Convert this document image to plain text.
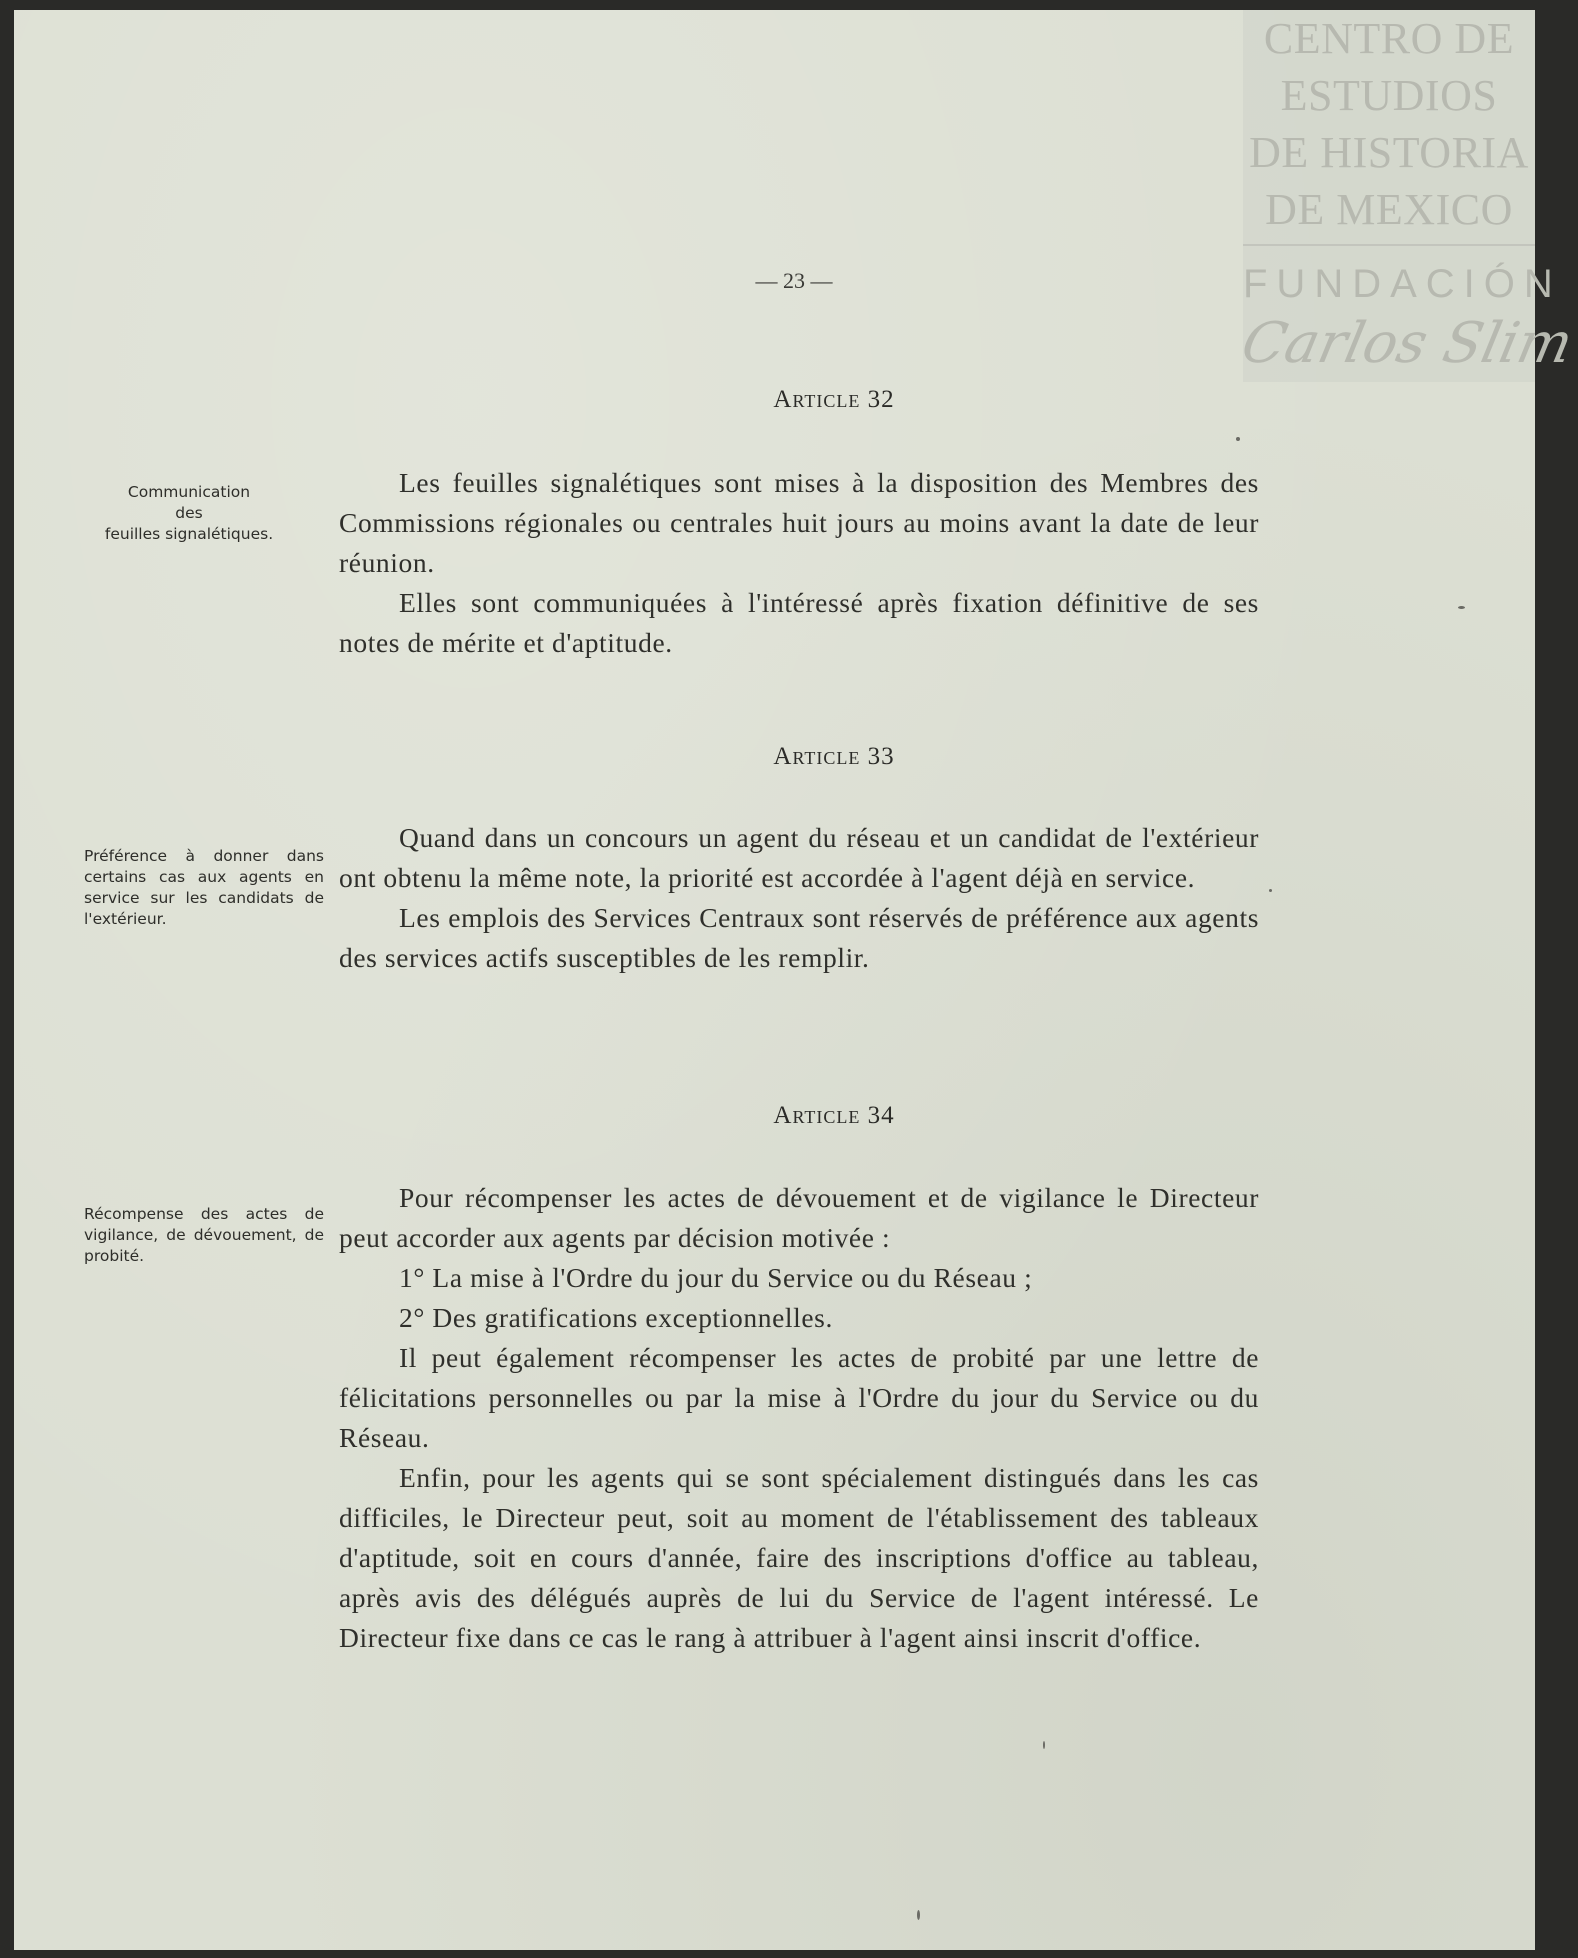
CENTRO DE
ESTUDIOS
DE HISTORIA
DE MEXICO
FUNDACIÓN
Carlos Slim
— 23 —
Article 32
Communication
des
feuilles signalétiques.

Les feuilles signalétiques sont mises à la disposition des Membres des Commissions régionales ou centrales huit jours au moins avant la date de leur réunion.

Elles sont communiquées à l'intéressé après fixation définitive de ses notes de mérite et d'aptitude.

Article 33
Préférence à donner dans certains cas aux agents en service sur les candidats de l'extérieur.

Quand dans un concours un agent du réseau et un candidat de l'extérieur ont obtenu la même note, la priorité est accordée à l'agent déjà en service.

Les emplois des Services Centraux sont réservés de préférence aux agents des services actifs susceptibles de les remplir.

Article 34
Récompense des actes de vigilance, de dévouement, de probité.

Pour récompenser les actes de dévouement et de vigilance le Directeur peut accorder aux agents par décision motivée :

1° La mise à l'Ordre du jour du Service ou du Réseau ;

2° Des gratifications exceptionnelles.

Il peut également récompenser les actes de probité par une lettre de félicitations personnelles ou par la mise à l'Ordre du jour du Service ou du Réseau.

Enfin, pour les agents qui se sont spécialement distingués dans les cas difficiles, le Directeur peut, soit au moment de l'établissement des tableaux d'aptitude, soit en cours d'année, faire des inscriptions d'office au tableau, après avis des délégués auprès de lui du Service de l'agent intéressé. Le Directeur fixe dans ce cas le rang à attribuer à l'agent ainsi inscrit d'office.
